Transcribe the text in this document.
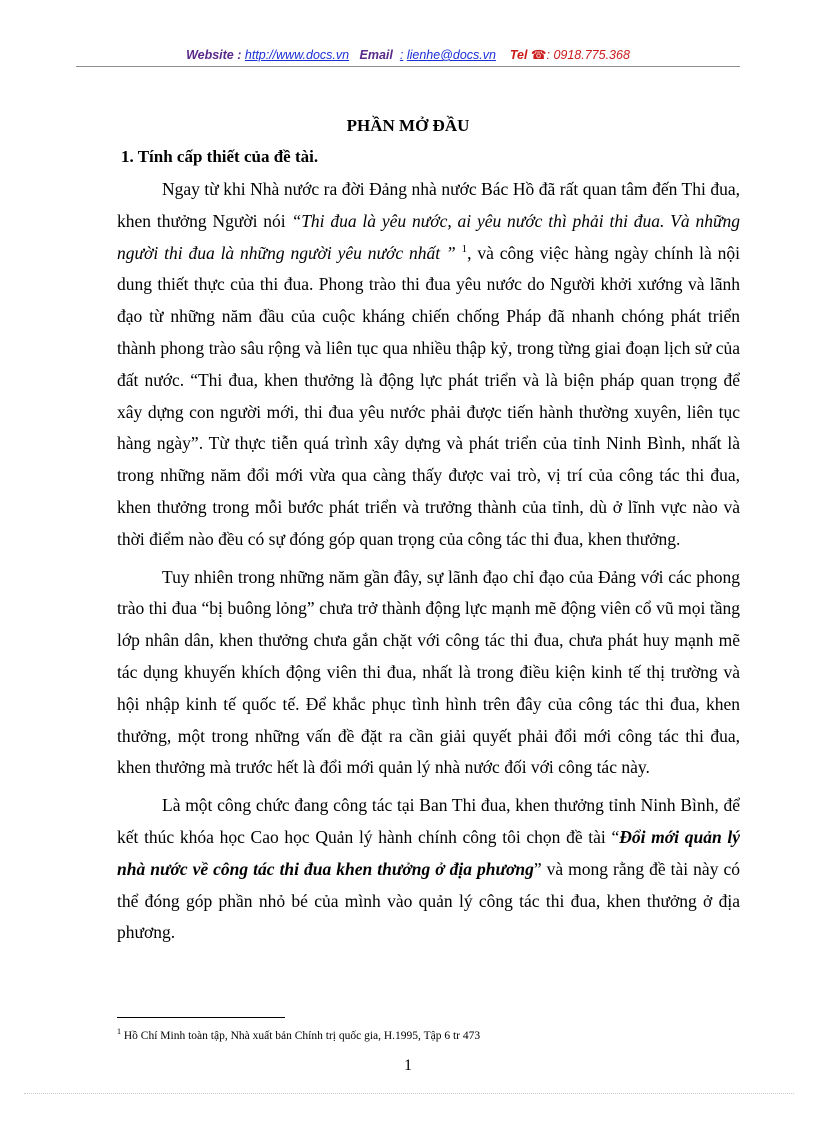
Website : http://www.docs.vn Email : lienhe@docs.vn Tel ☎: 0918.775.368
PHẦN MỞ ĐẦU
1. Tính cấp thiết của đề tài.

Ngay từ khi Nhà nước ra đời Đảng nhà nước Bác Hồ đã rất quan tâm đến Thi đua, khen thưởng Người nói “Thi đua là yêu nước, ai yêu nước thì phải thi đua. Và những người thi đua là những người yêu nước nhất ” $^1$, và công việc hàng ngày chính là nội dung thiết thực của thi đua. Phong trào thi đua yêu nước do Người khởi xướng và lãnh đạo từ những năm đầu của cuộc kháng chiến chống Pháp đã nhanh chóng phát triển thành phong trào sâu rộng và liên tục qua nhiều thập kỷ, trong từng giai đoạn lịch sử của đất nước. “Thi đua, khen thưởng là động lực phát triển và là biện pháp quan trọng để xây dựng con người mới, thi đua yêu nước phải được tiến hành thường xuyên, liên tục hàng ngày”. Từ thực tiễn quá trình xây dựng và phát triển của tỉnh Ninh Bình, nhất là trong những năm đổi mới vừa qua càng thấy được vai trò, vị trí của công tác thi đua, khen thưởng trong mỗi bước phát triển và trưởng thành của tỉnh, dù ở lĩnh vực nào và thời điểm nào đều có sự đóng góp quan trọng của công tác thi đua, khen thưởng.

Tuy nhiên trong những năm gần đây, sự lãnh đạo chỉ đạo của Đảng với các phong trào thi đua “bị buông lỏng” chưa trở thành động lực mạnh mẽ động viên cổ vũ mọi tầng lớp nhân dân, khen thưởng chưa gắn chặt với công tác thi đua, chưa phát huy mạnh mẽ tác dụng khuyến khích động viên thi đua, nhất là trong điều kiện kinh tế thị trường và hội nhập kinh tế quốc tế. Để khắc phục tình hình trên đây của công tác thi đua, khen thưởng, một trong những vấn đề đặt ra cần giải quyết phải đổi mới công tác thi đua, khen thưởng mà trước hết là đổi mới quản lý nhà nước đối với công tác này.

Là một công chức đang công tác tại Ban Thi đua, khen thưởng tỉnh Ninh Bình, để kết thúc khóa học Cao học Quản lý hành chính công tôi chọn đề tài “Đổi mới quản lý nhà nước về công tác thi đua khen thưởng ở địa phương” và mong rằng đề tài này có thể đóng góp phần nhỏ bé của mình vào quản lý công tác thi đua, khen thưởng ở địa phương.

$^1$ Hồ Chí Minh toàn tập, Nhà xuất bản Chính trị quốc gia, H.1995, Tập 6 tr 473
1
